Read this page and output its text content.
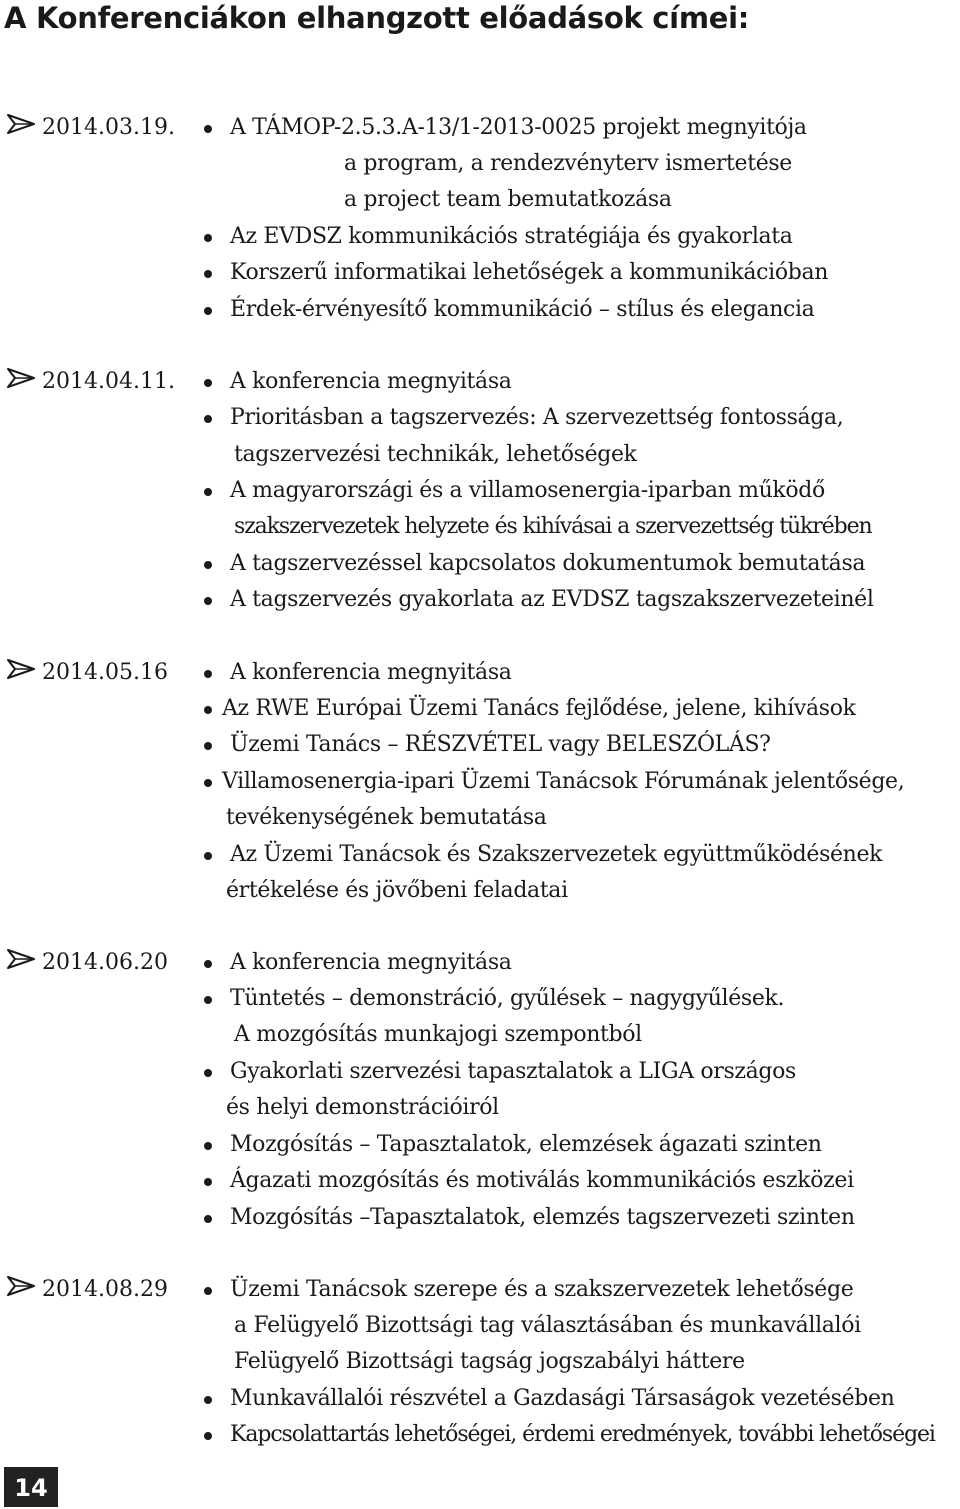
A Konferenciákon elhangzott előadások címei:
2014.03.19.	A TÁMOP-2.5.3.A-13/1-2013-0025 projekt megnyitója
a program, a rendezvényterv ismertetése
a project team bemutatkozása
Az EVDSZ kommunikációs stratégiája és gyakorlata
Korszerű informatikai lehetőségek a kommunikációban
Érdek-érvényesítő kommunikáció – stílus és elegancia
2014.04.11.	A konferencia megnyitása
Prioritásban a tagszervezés: A szervezettség fontossága,
tagszervezési technikák, lehetőségek
A magyarországi és a villamosenergia-iparban működő
szakszervezetek helyzete és kihívásai a szervezettség tükrében
A tagszervezéssel kapcsolatos dokumentumok bemutatása
A tagszervezés gyakorlata az EVDSZ tagszakszervezeteinél
2014.05.16	A konferencia megnyitása
Az RWE Európai Üzemi Tanács fejlődése, jelene, kihívások
Üzemi Tanács – RÉSZVÉTEL vagy BELESZÓLÁS?
Villamosenergia-ipari Üzemi Tanácsok Fórumának jelentősége,
tevékenységének bemutatása
Az Üzemi Tanácsok és Szakszervezetek együttműködésének
értékelése és jövőbeni feladatai
2014.06.20	A konferencia megnyitása
Tüntetés – demonstráció, gyűlések – nagygyűlések.
A mozgósítás munkajogi szempontból
Gyakorlati szervezési tapasztalatok a LIGA országos
és helyi demonstrációiról
Mozgósítás – Tapasztalatok, elemzések ágazati szinten
Ágazati mozgósítás és motiválás kommunikációs eszközei
Mozgósítás –Tapasztalatok, elemzés tagszervezeti szinten
2014.08.29	Üzemi Tanácsok szerepe és a szakszervezetek lehetősége
a Felügyelő Bizottsági tag választásában és munkavállalói
Felügyelő Bizottsági tagság jogszabályi háttere
Munkavállalói részvétel a Gazdasági Társaságok vezetésében
Kapcsolattartás lehetőségei, érdemi eredmények, további lehetőségei
14
